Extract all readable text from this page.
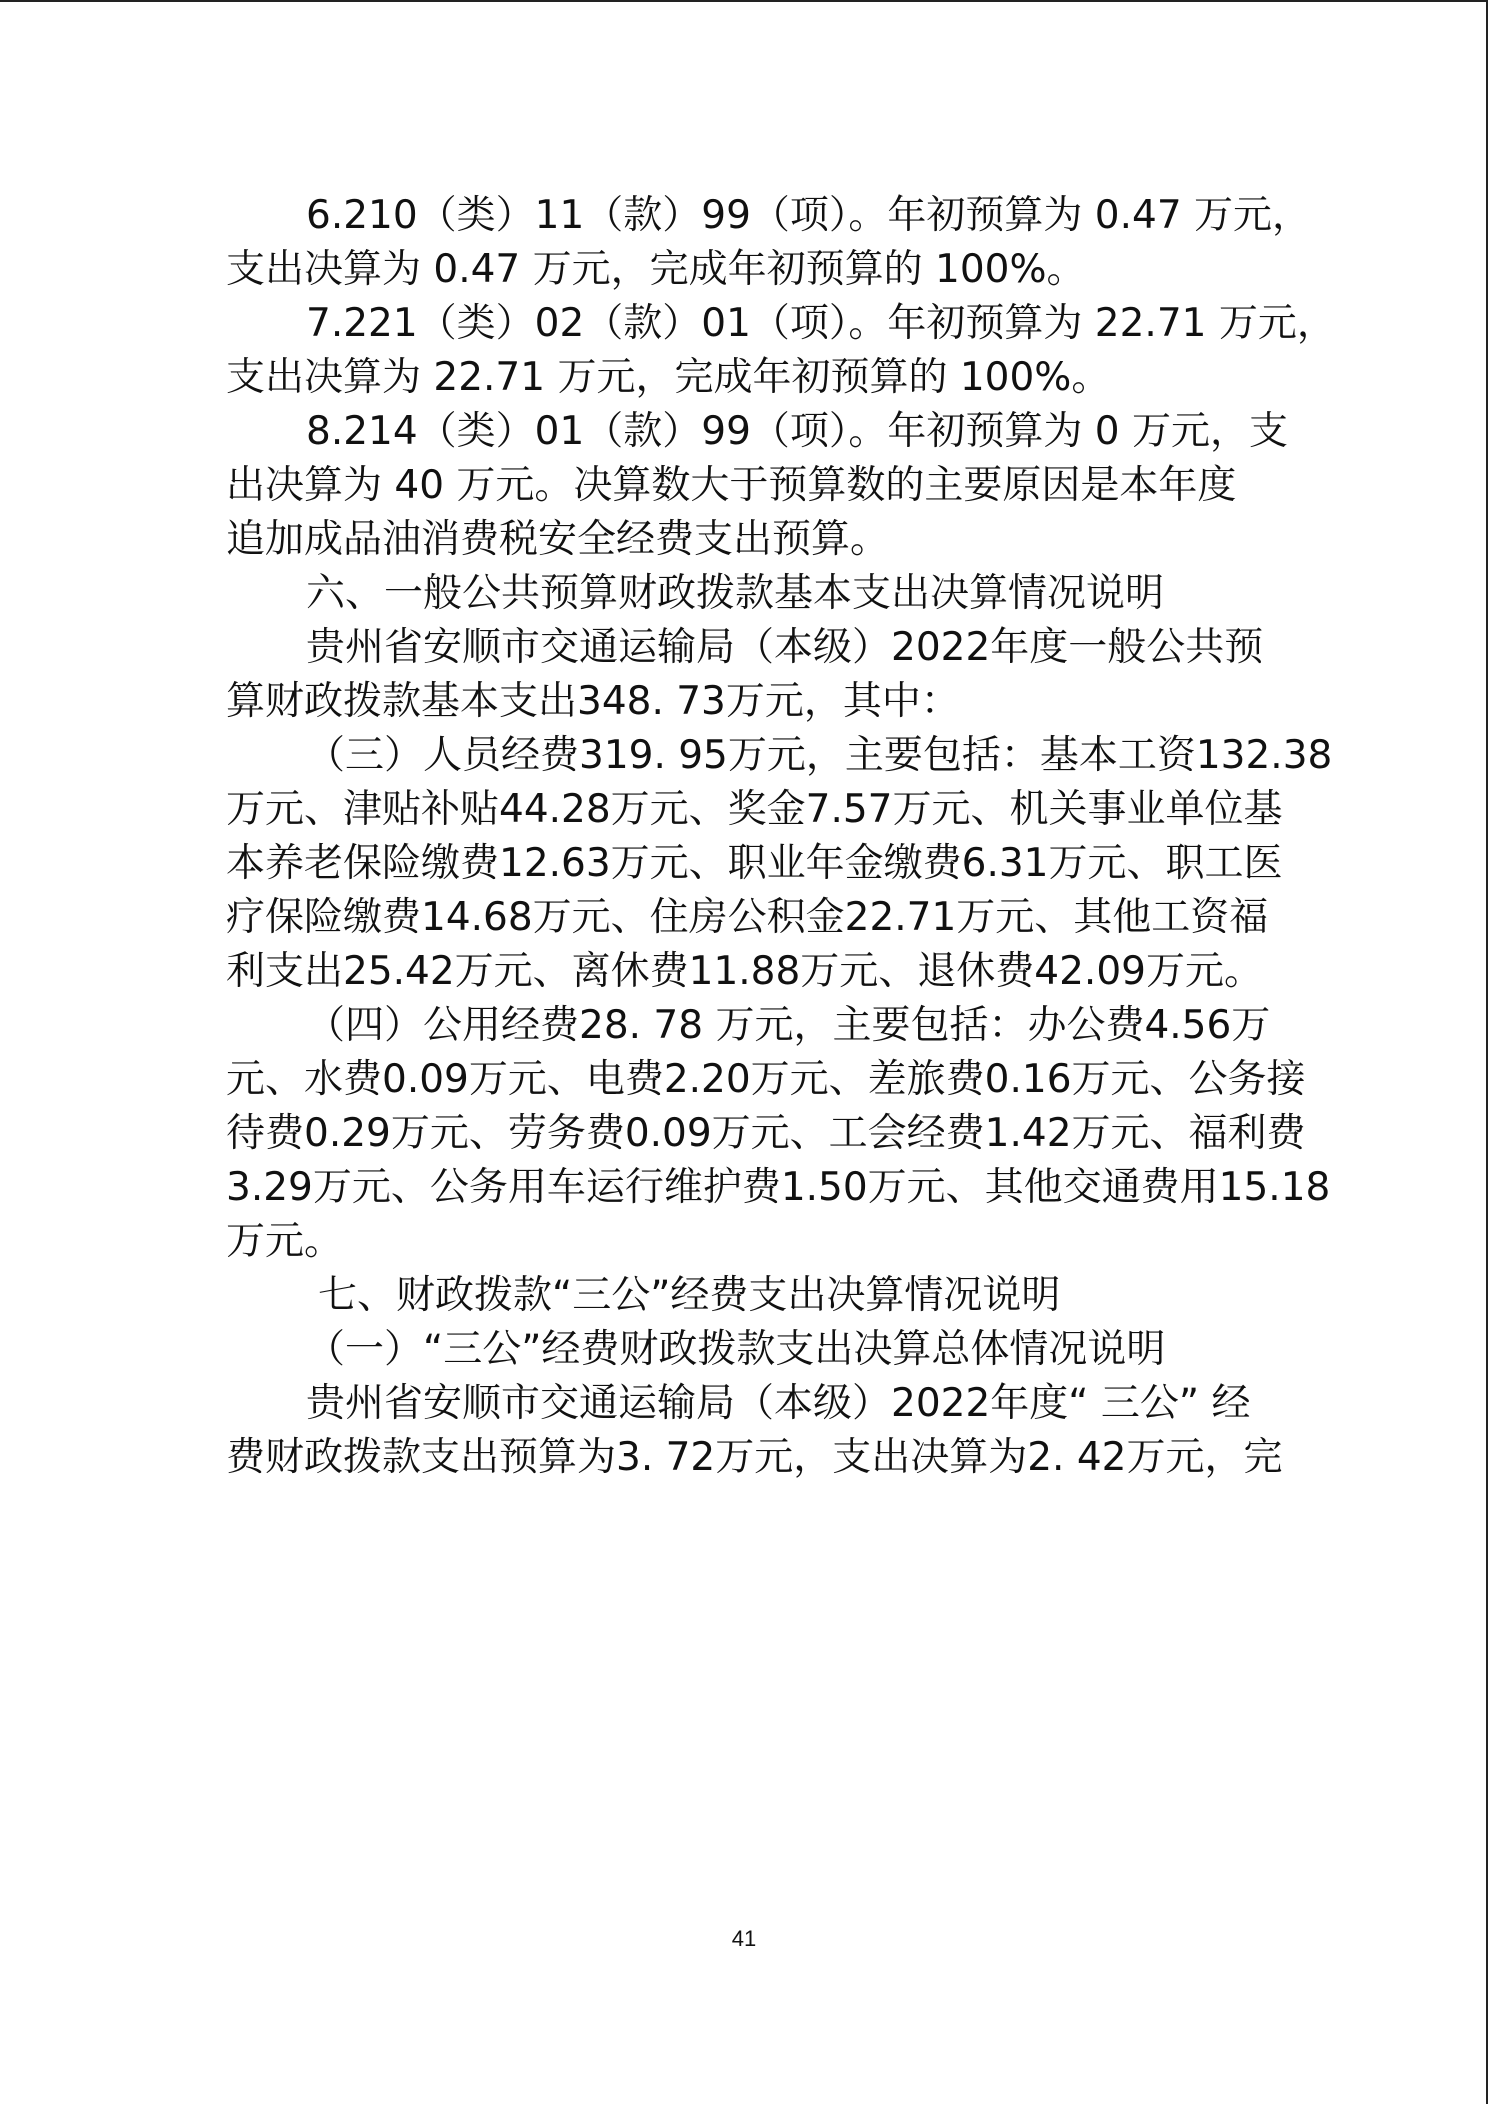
6.210（类）11（款）99（项）。年初预算为 0.47 万元，
支出决算为 0.47 万元，完成年初预算的 100%。
7.221（类）02（款）01（项）。年初预算为 22.71 万元，
支出决算为 22.71 万元，完成年初预算的 100%。
8.214（类）01（款）99（项）。年初预算为 0 万元，支
出决算为 40 万元。决算数大于预算数的主要原因是本年度
追加成品油消费税安全经费支出预算。
六、一般公共预算财政拨款基本支出决算情况说明
贵州省安顺市交通运输局（本级）2022年度一般公共预
算财政拨款基本支出348. 73万元，其中：
（三）人员经费319. 95万元，主要包括：基本工资132.38
万元、津贴补贴44.28万元、奖金7.57万元、机关事业单位基
本养老保险缴费12.63万元、职业年金缴费6.31万元、职工医
疗保险缴费14.68万元、住房公积金22.71万元、其他工资福
利支出25.42万元、离休费11.88万元、退休费42.09万元。
（四）公用经费28. 78 万元，主要包括：办公费4.56万
元、水费0.09万元、电费2.20万元、差旅费0.16万元、公务接
待费0.29万元、劳务费0.09万元、工会经费1.42万元、福利费
3.29万元、公务用车运行维护费1.50万元、其他交通费用15.18
万元。
七、财政拨款“三公”经费支出决算情况说明
（一）“三公”经费财政拨款支出决算总体情况说明
贵州省安顺市交通运输局（本级）2022年度“ 三公” 经
费财政拨款支出预算为3. 72万元，支出决算为2. 42万元，完
41
